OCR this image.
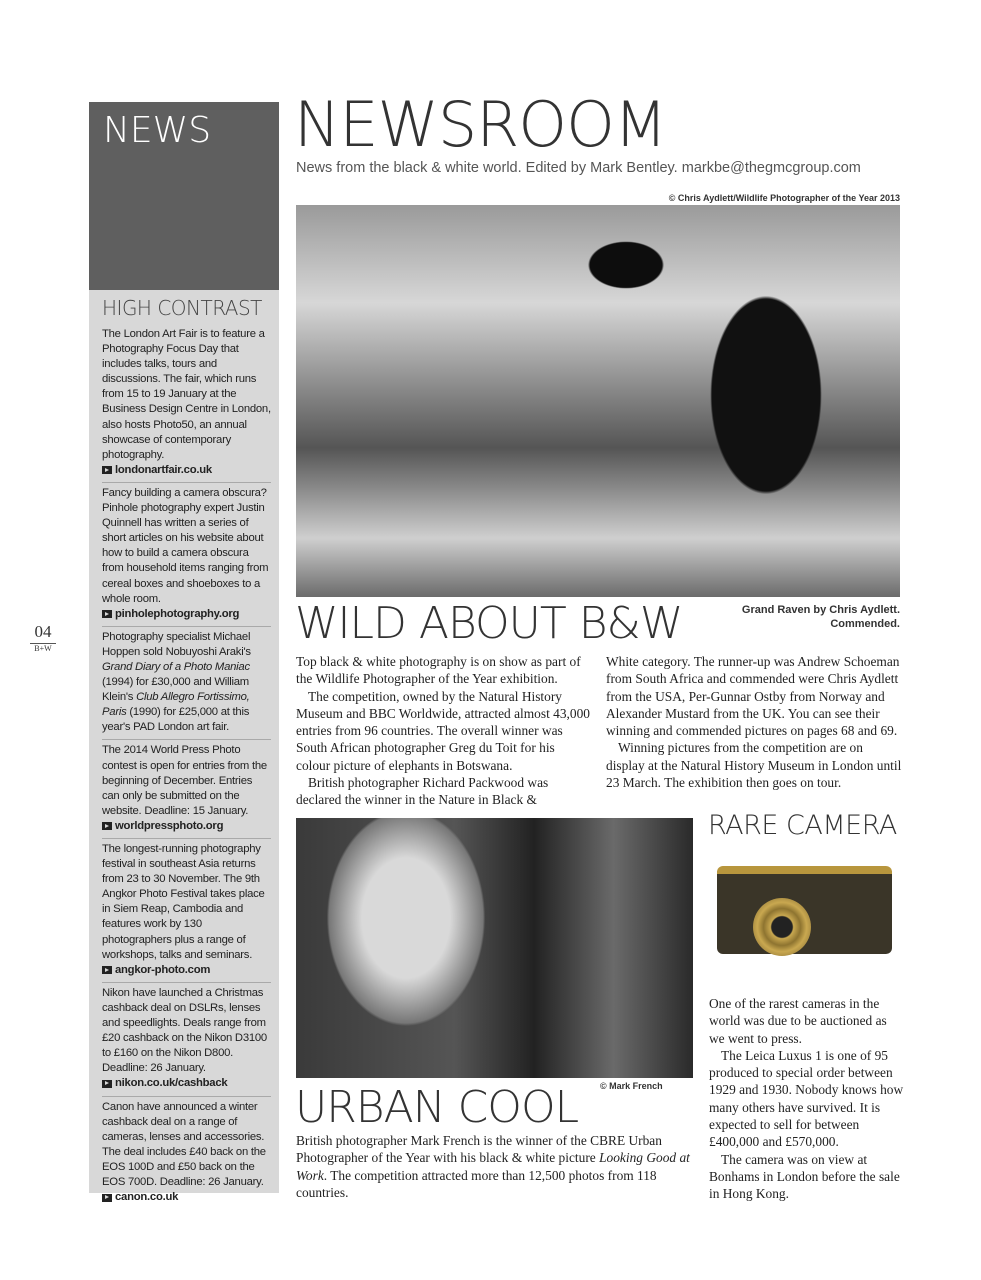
NEWS
HIGH CONTRAST
The London Art Fair is to feature a Photography Focus Day that includes talks, tours and discussions. The fair, which runs from 15 to 19 January at the Business Design Centre in London, also hosts Photo50, an annual showcase of contemporary photography.
londonartfair.co.uk
Fancy building a camera obscura? Pinhole photography expert Justin Quinnell has written a series of short articles on his website about how to build a camera obscura from household items ranging from cereal boxes and shoeboxes to a whole room.
pinholephotography.org
Photography specialist Michael Hoppen sold Nobuyoshi Araki's Grand Diary of a Photo Maniac (1994) for £30,000 and William Klein's Club Allegro Fortissimo, Paris (1990) for £25,000 at this year's PAD London art fair.
The 2014 World Press Photo contest is open for entries from the beginning of December. Entries can only be submitted on the website. Deadline: 15 January.
worldpressphoto.org
The longest-running photography festival in southeast Asia returns from 23 to 30 November. The 9th Angkor Photo Festival takes place in Siem Reap, Cambodia and features work by 130 photographers plus a range of workshops, talks and seminars.
angkor-photo.com
Nikon have launched a Christmas cashback deal on DSLRs, lenses and speedlights. Deals range from £20 cashback on the Nikon D3100 to £160 on the Nikon D800. Deadline: 26 January.
nikon.co.uk/cashback
Canon have announced a winter cashback deal on a range of cameras, lenses and accessories. The deal includes £40 back on the EOS 100D and £50 back on the EOS 700D. Deadline: 26 January.
canon.co.uk
04
B+W
NEWSROOM
News from the black & white world. Edited by Mark Bentley. markbe@thegmcgroup.com
© Chris Aydlett/Wildlife Photographer of the Year 2013
Grand Raven by Chris Aydlett.
Commended.
WILD ABOUT B&W

Top black & white photography is on show as part of the Wildlife Photographer of the Year exhibition.

The competition, owned by the Natural History Museum and BBC Worldwide, attracted almost 43,000 entries from 96 countries. The overall winner was South African photographer Greg du Toit for his colour picture of elephants in Botswana.

British photographer Richard Packwood was declared the winner in the Nature in Black &

White category. The runner-up was Andrew Schoeman from South Africa and commended were Chris Aydlett from the USA, Per-Gunnar Ostby from Norway and Alexander Mustard from the UK. You can see their winning and commended pictures on pages 68 and 69.

Winning pictures from the competition are on display at the Natural History Museum in London until 23 March. The exhibition then goes on tour.

© Mark French
URBAN COOL
British photographer Mark French is the winner of the CBRE Urban Photographer of the Year with his black & white picture Looking Good at Work. The competition attracted more than 12,500 photos from 118 countries.
RARE CAMERA

One of the rarest cameras in the world was due to be auctioned as we went to press.

The Leica Luxus 1 is one of 95 produced to special order between 1929 and 1930. Nobody knows how many others have survived. It is expected to sell for between £400,000 and £570,000.

The camera was on view at Bonhams in London before the sale in Hong Kong.
